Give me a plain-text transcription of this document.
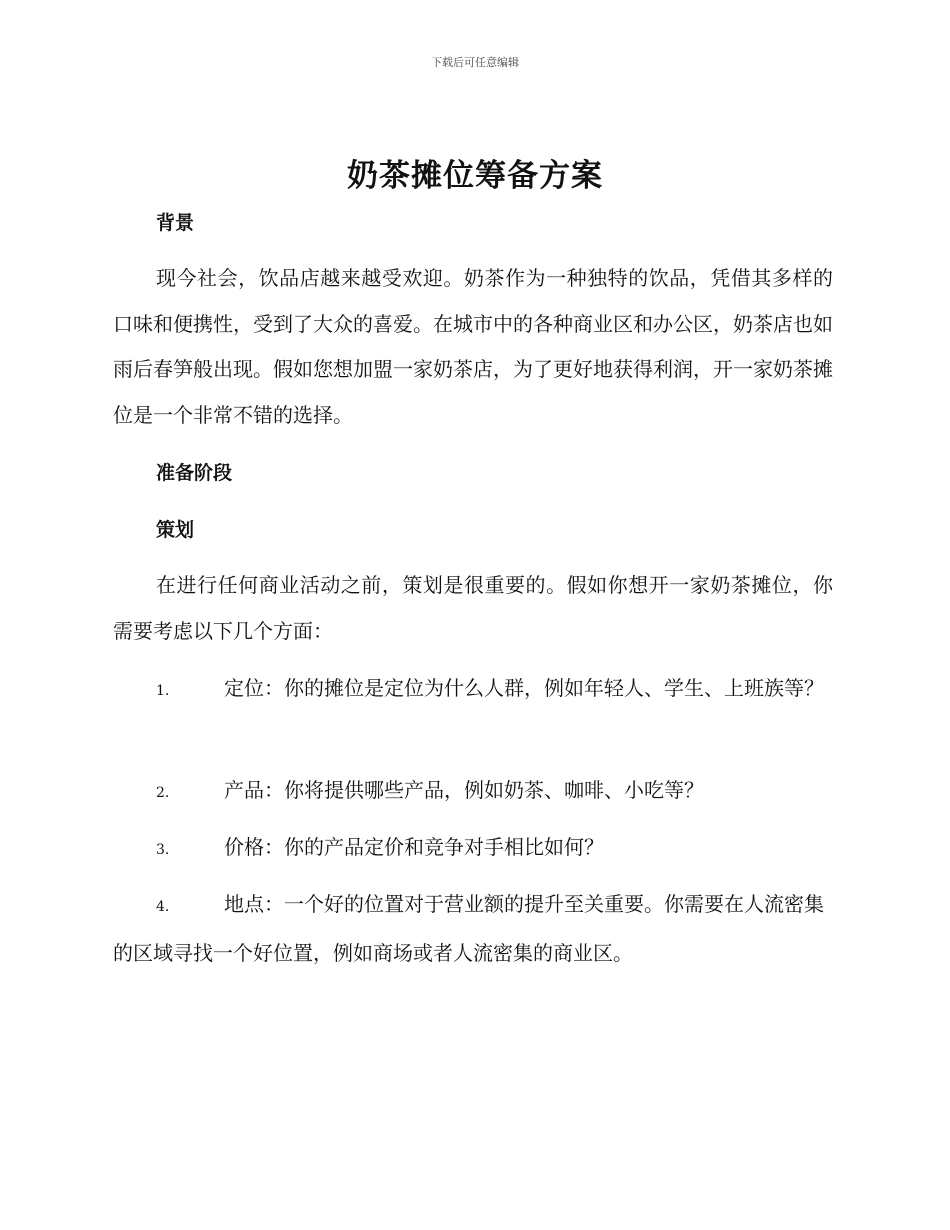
下载后可任意编辑
奶茶摊位筹备方案
背景

现今社会，饮品店越来越受欢迎。奶茶作为一种独特的饮品，凭借其多样的口味和便携性，受到了大众的喜爱。在城市中的各种商业区和办公区，奶茶店也如雨后春笋般出现。假如您想加盟一家奶茶店，为了更好地获得利润，开一家奶茶摊位是一个非常不错的选择。

准备阶段
策划

在进行任何商业活动之前，策划是很重要的。假如你想开一家奶茶摊位，你需要考虑以下几个方面：

1.	定位：你的摊位是定位为什么人群，例如年轻人、学生、上班族等？

2.	产品：你将提供哪些产品，例如奶茶、咖啡、小吃等？

3.	价格：你的产品定价和竞争对手相比如何？

4.	地点：一个好的位置对于营业额的提升至关重要。你需要在人流密集的区域寻找一个好位置，例如商场或者人流密集的商业区。
